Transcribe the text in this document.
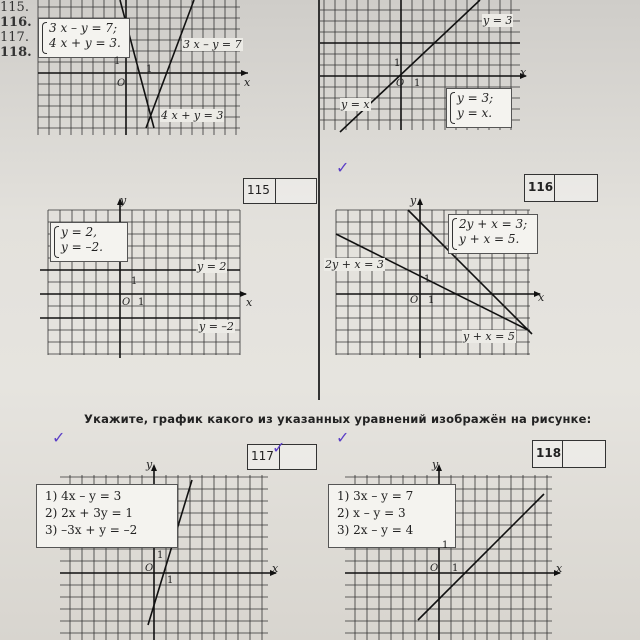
3 x – y = 7;
4 x + y = 3.	3 x – y = 7
4 x + y = 3
x
O
1
1
y = 3
y = x	y = 3;
y = x.
x
O 1
1
115.
115
y = 2,
y = –2.
y = 2
y = –2
x
y
O 1
1
✓
116.
116
2y + x = 3;
y + x = 5.
2y + x = 3
y + x = 5
x
y
O 1
1
Укажите, график какого из указанных уравнений изображён на рисунке:
✓
117.
117
✓
1) 4x – y = 3
2) 2x + 3y = 1
3) –3x + y = –2
x
y
O
1
1
✓
118.
118
1) 3x – y = 7
2) x – y = 3
3) 2x – y = 4
x
y
O 1
1
